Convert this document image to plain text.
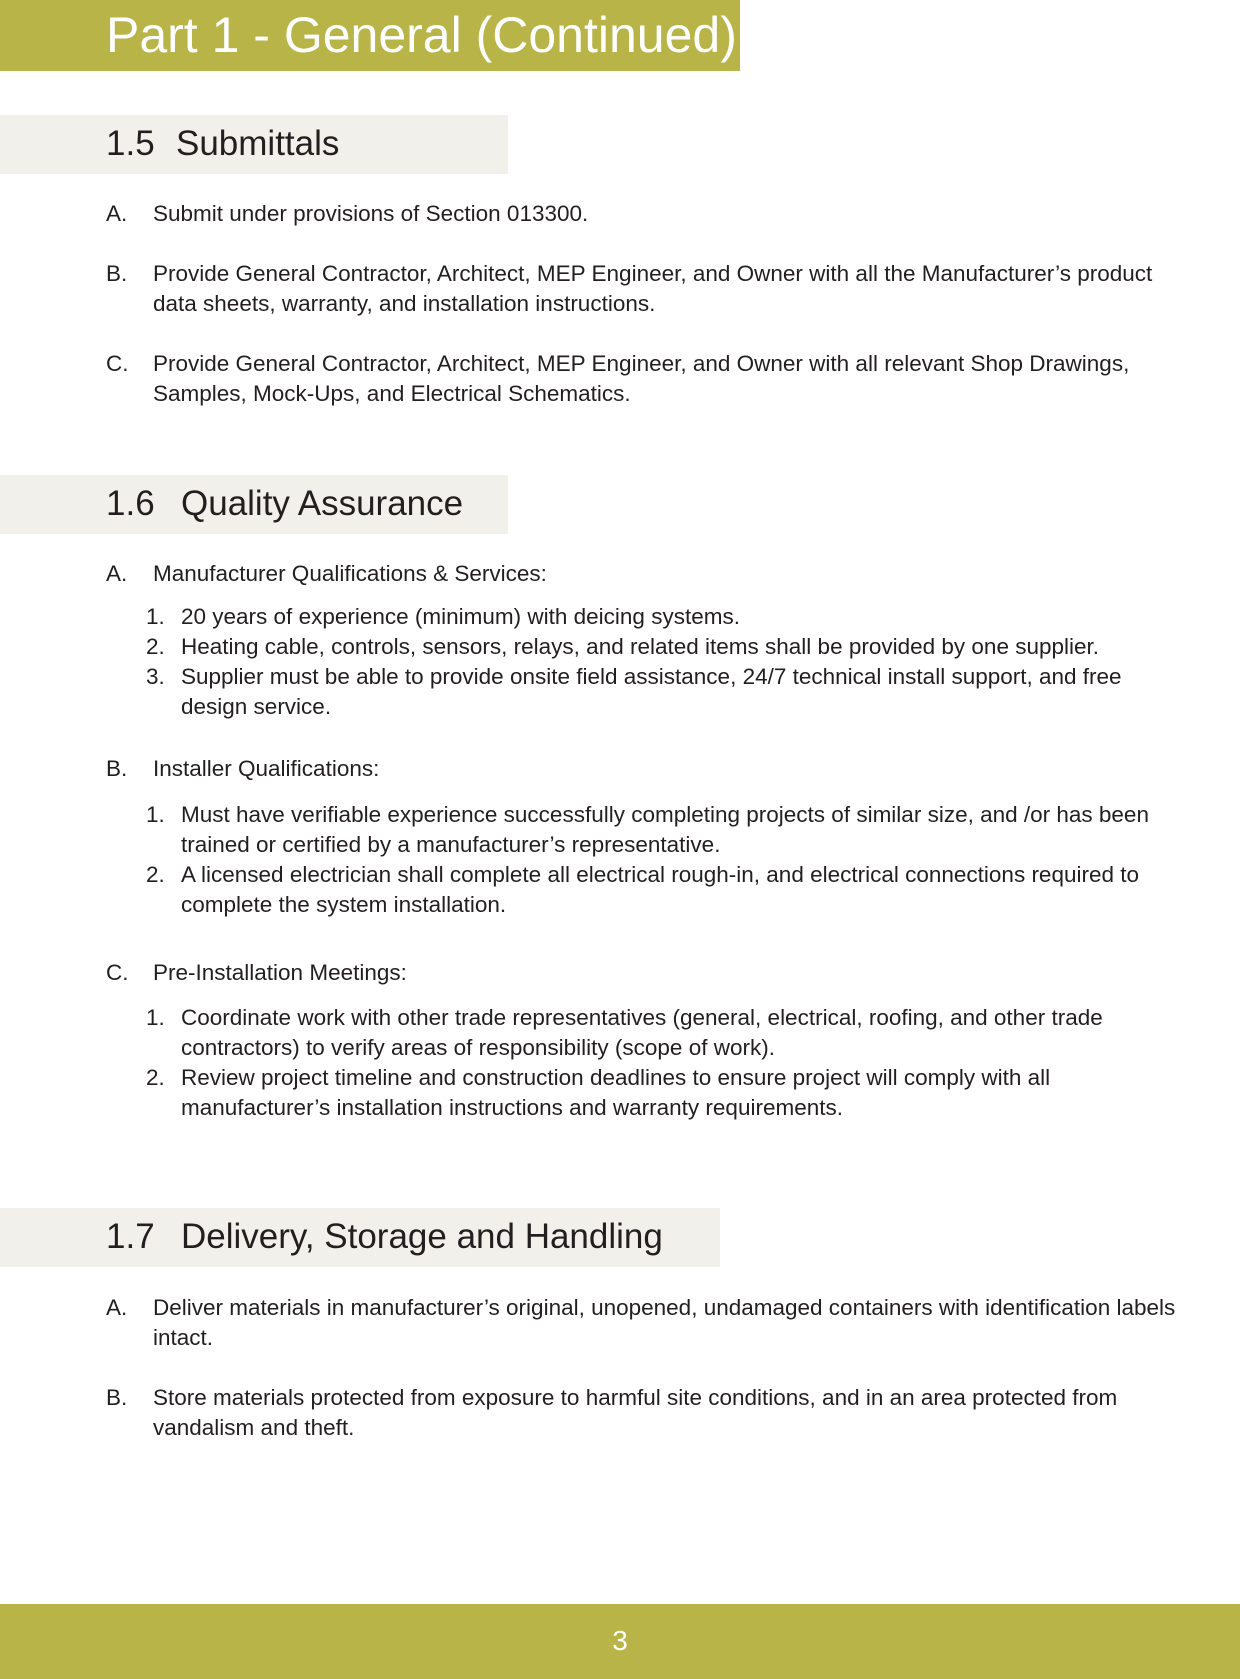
Part 1 - General (Continued)
1.5 Submittals
A. Submit under provisions of Section 013300.
B. Provide General Contractor, Architect, MEP Engineer, and Owner with all the Manufacturer’s product data sheets, warranty, and installation instructions.
C. Provide General Contractor, Architect, MEP Engineer, and Owner with all relevant Shop Drawings, Samples, Mock-Ups, and Electrical Schematics.
1.6 Quality Assurance
A. Manufacturer Qualifications & Services:
1. 20 years of experience (minimum) with deicing systems.
2. Heating cable, controls, sensors, relays, and related items shall be provided by one supplier.
3. Supplier must be able to provide onsite field assistance, 24/7 technical install support, and free design service.
B. Installer Qualifications:
1. Must have verifiable experience successfully completing projects of similar size, and /or has been trained or certified by a manufacturer’s representative.
2. A licensed electrician shall complete all electrical rough-in, and electrical connections required to complete the system installation.
C. Pre-Installation Meetings:
1. Coordinate work with other trade representatives (general, electrical, roofing, and other trade contractors) to verify areas of responsibility (scope of work).
2. Review project timeline and construction deadlines to ensure project will comply with all manufacturer’s installation instructions and warranty requirements.
1.7 Delivery, Storage and Handling
A. Deliver materials in manufacturer’s original, unopened, undamaged containers with identification labels intact.
B. Store materials protected from exposure to harmful site conditions, and in an area protected from vandalism and theft.
3
